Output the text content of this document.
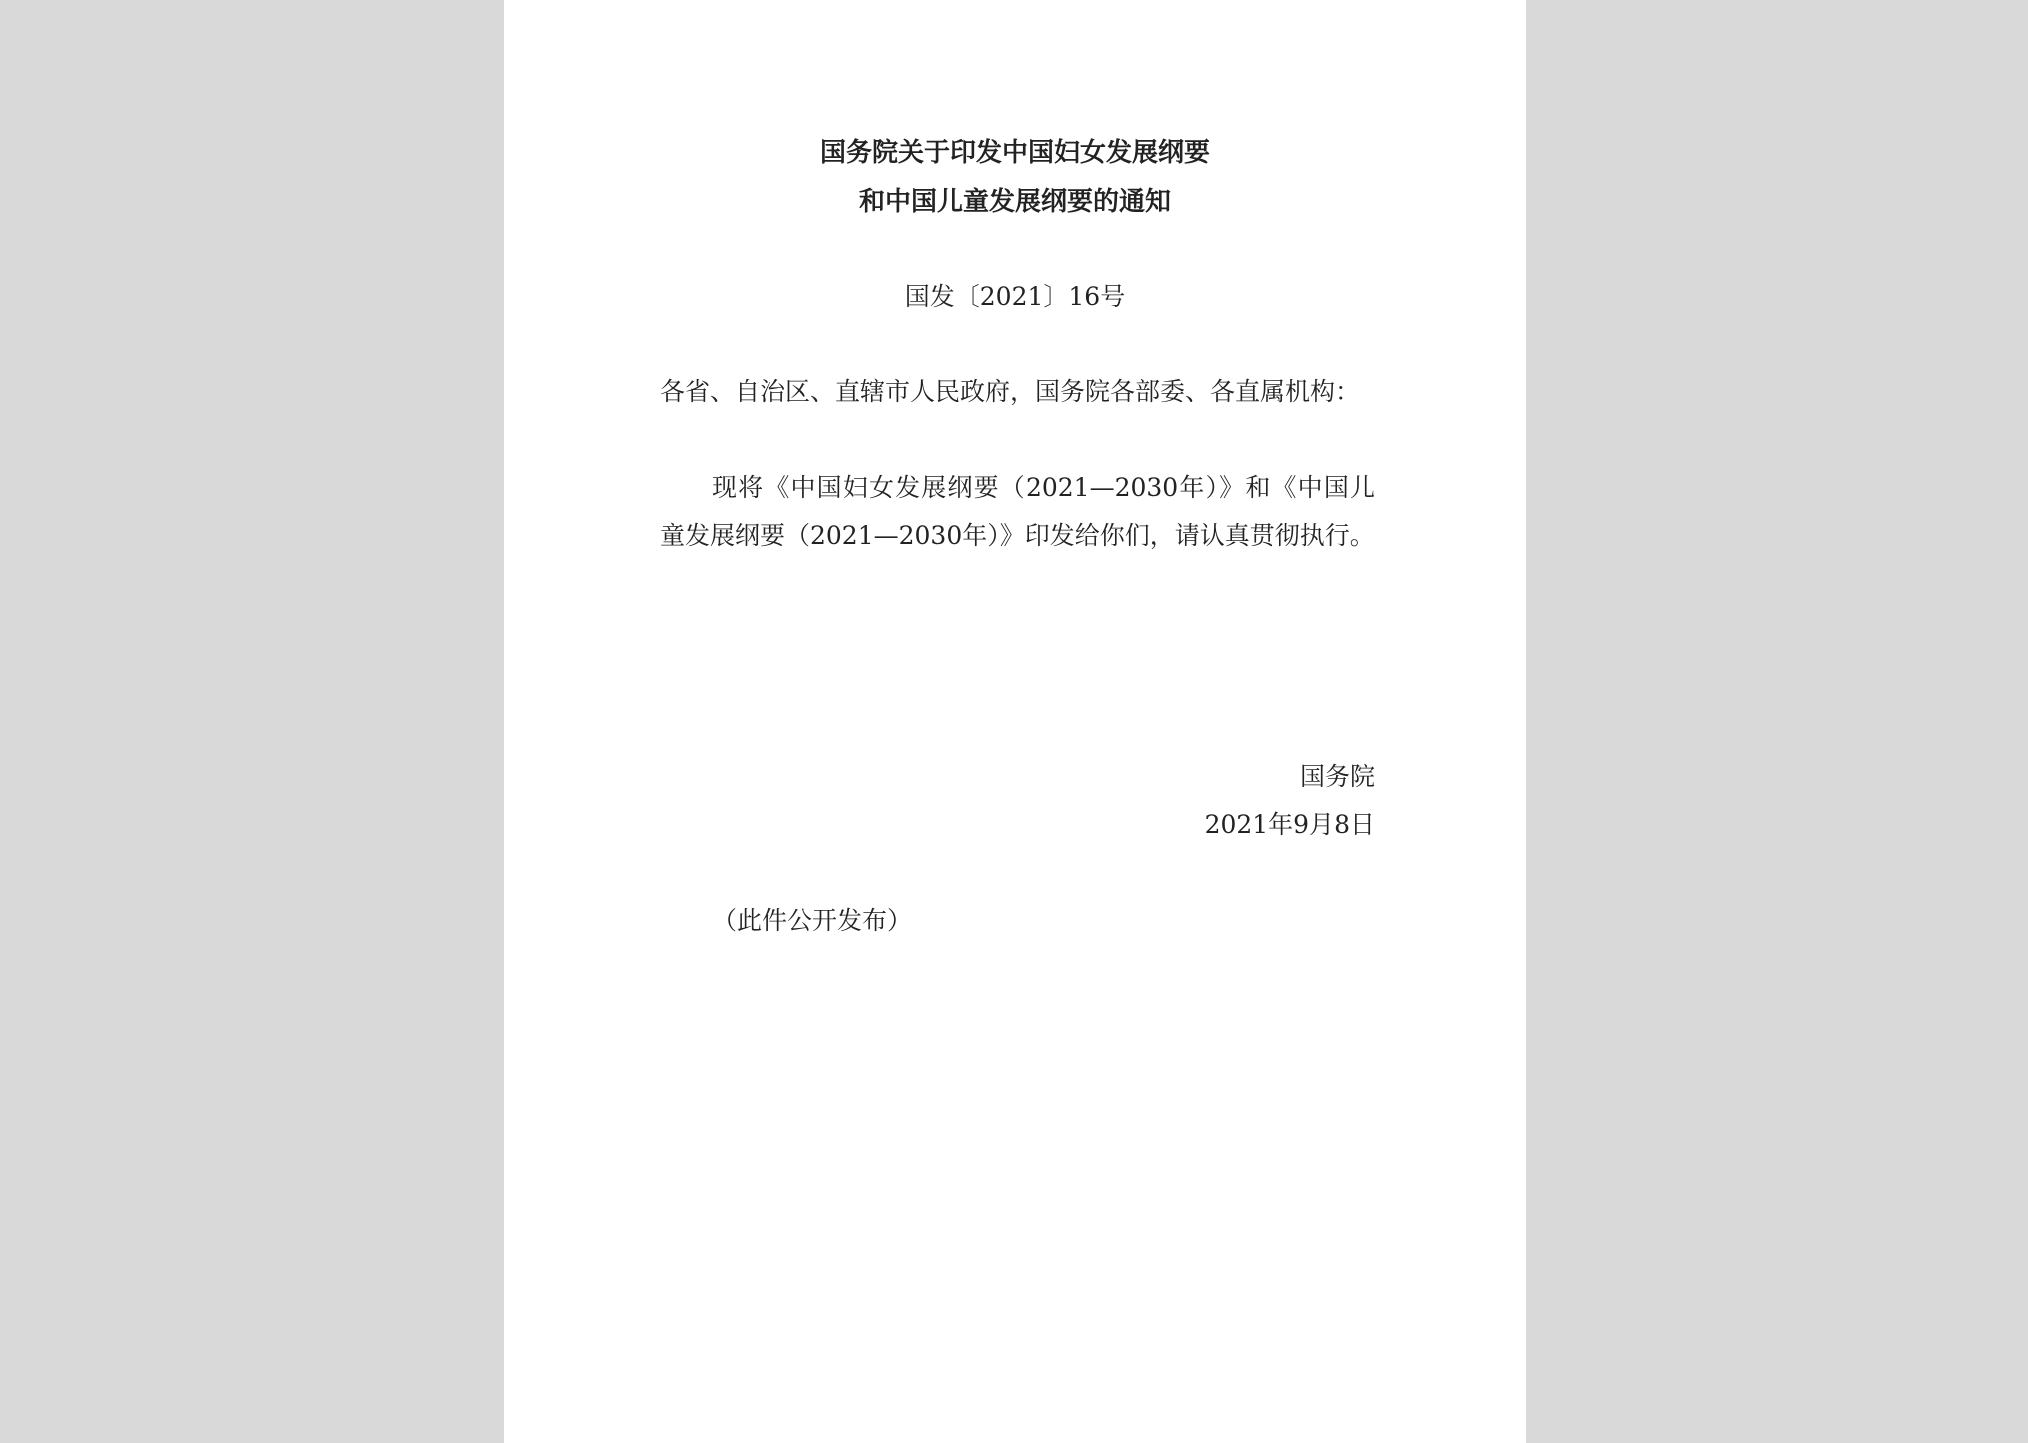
国务院关于印发中国妇女发展纲要
和中国儿童发展纲要的通知
国发〔2021〕16号
各省、自治区、直辖市人民政府，国务院各部委、各直属机构：
现将《中国妇女发展纲要（2021—2030年）》和《中国儿童发展纲要（2021—2030年）》印发给你们，请认真贯彻执行。
国务院
2021年9月8日
（此件公开发布）
